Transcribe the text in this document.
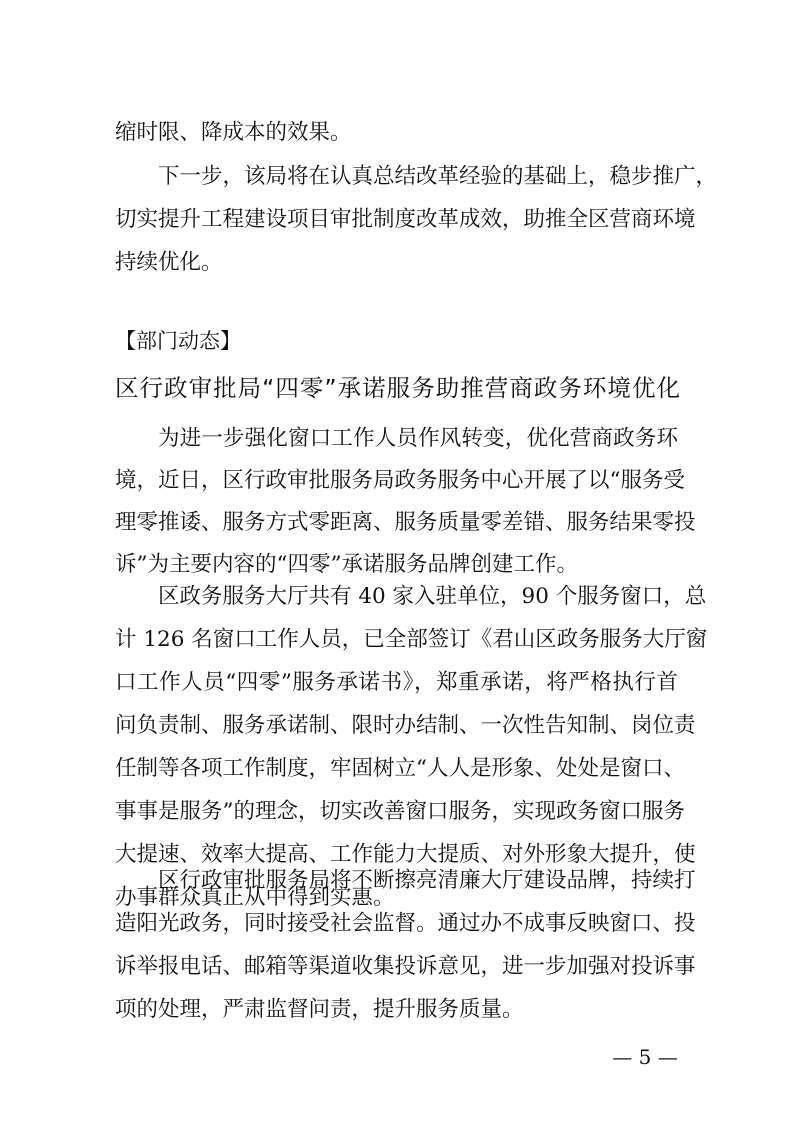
缩时限、降成本的效果。

下一步，该局将在认真总结改革经验的基础上，稳步推广，

切实提升工程建设项目审批制度改革成效，助推全区营商环境

持续优化。

【部门动态】

区行政审批局“四零”承诺服务助推营商政务环境优化

为进一步强化窗口工作人员作风转变，优化营商政务环

境，近日，区行政审批服务局政务服务中心开展了以“服务受

理零推诿、服务方式零距离、服务质量零差错、服务结果零投

诉”为主要内容的“四零”承诺服务品牌创建工作。

区政务服务大厅共有 40 家入驻单位，90 个服务窗口，总

计 126 名窗口工作人员，已全部签订《君山区政务服务大厅窗

口工作人员“四零”服务承诺书》，郑重承诺，将严格执行首

问负责制、服务承诺制、限时办结制、一次性告知制、岗位责

任制等各项工作制度，牢固树立“人人是形象、处处是窗口、

事事是服务”的理念，切实改善窗口服务，实现政务窗口服务

大提速、效率大提高、工作能力大提质、对外形象大提升，使

办事群众真正从中得到实惠。

区行政审批服务局将不断擦亮清廉大厅建设品牌，持续打

造阳光政务，同时接受社会监督。通过办不成事反映窗口、投

诉举报电话、邮箱等渠道收集投诉意见，进一步加强对投诉事

项的处理，严肃监督问责，提升服务质量。

— 5 —
